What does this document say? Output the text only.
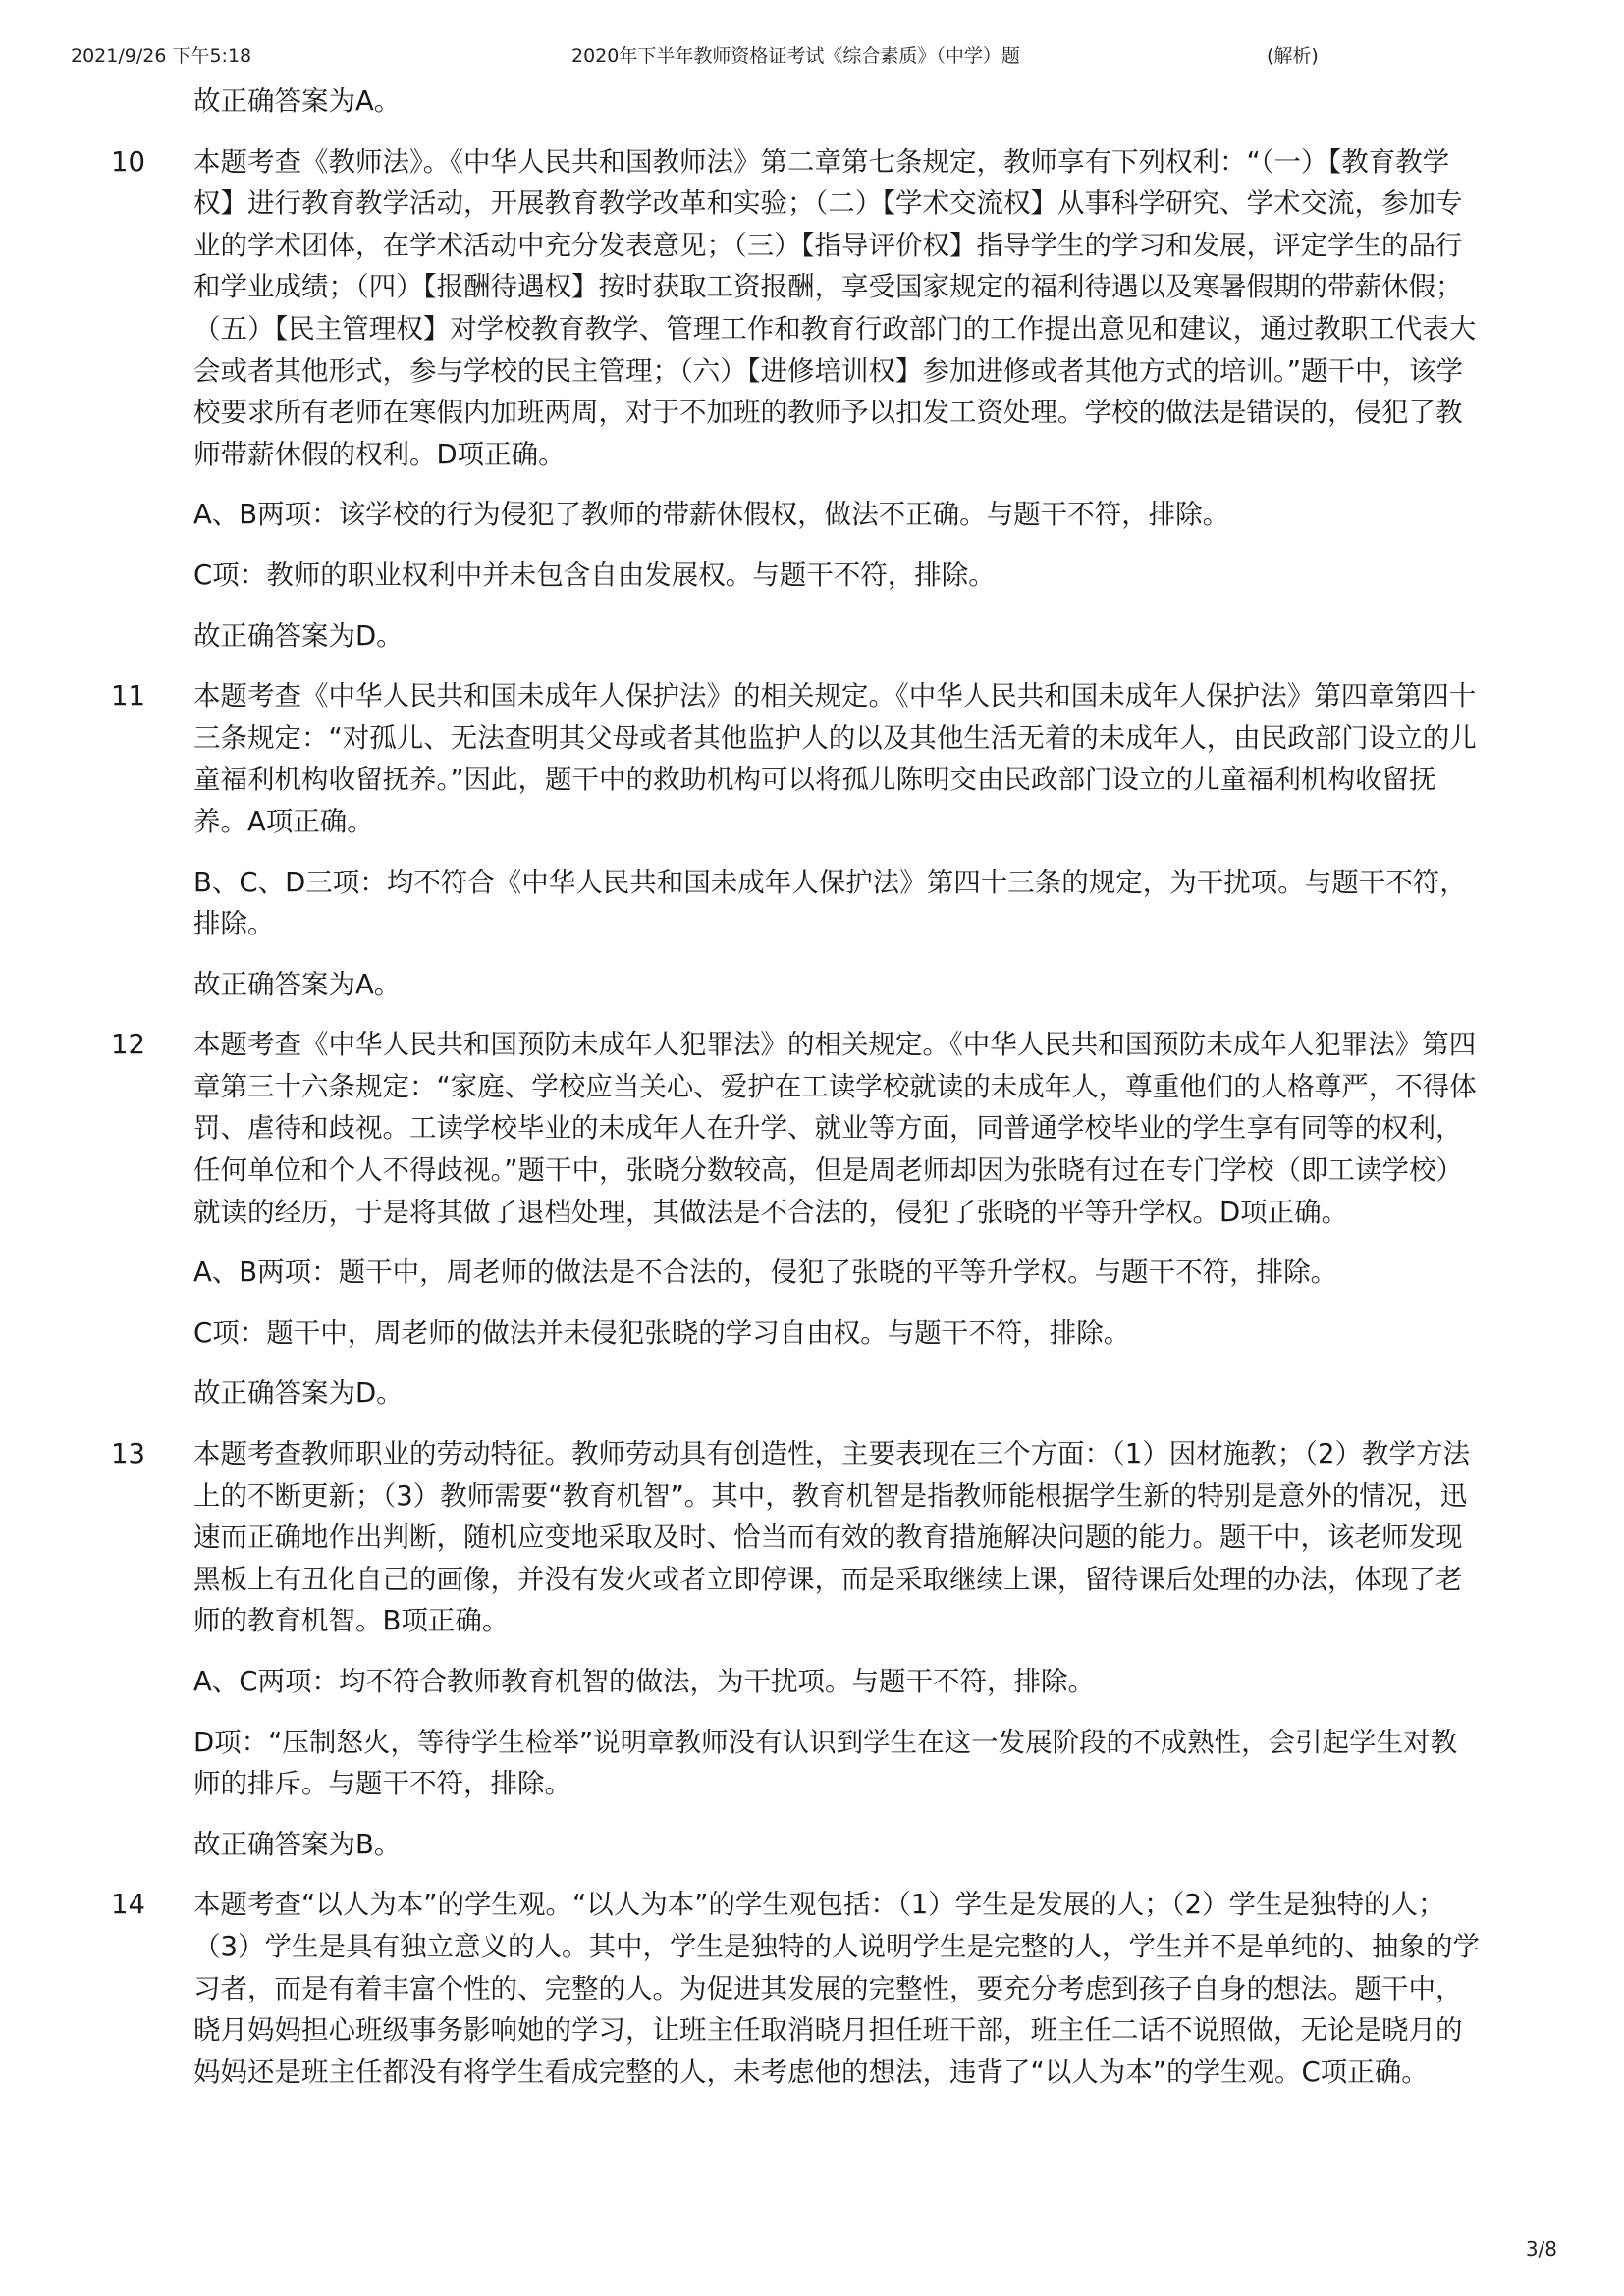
2021/9/26 下午5:18	2020年下半年教师资格证考试《综合素质》（中学）题	(解析)
故正确答案为A。
10 本题考查《教师法》。《中华人民共和国教师法》第二章第七条规定，教师享有下列权利：“（一）【教育教学权】进行教育教学活动，开展教育教学改革和实验；（二）【学术交流权】从事科学研究、学术交流，参加专业的学术团体，在学术活动中充分发表意见；（三）【指导评价权】指导学生的学习和发展，评定学生的品行和学业成绩；（四）【报酬待遇权】按时获取工资报酬，享受国家规定的福利待遇以及寒暑假期的带薪休假；（五）【民主管理权】对学校教育教学、管理工作和教育行政部门的工作提出意见和建议，通过教职工代表大会或者其他形式，参与学校的民主管理；（六）【进修培训权】参加进修或者其他方式的培训。”题干中，该学校要求所有老师在寒假内加班两周，对于不加班的教师予以扣发工资处理。学校的做法是错误的，侵犯了教师带薪休假的权利。D项正确。
A、B两项：该学校的行为侵犯了教师的带薪休假权，做法不正确。与题干不符，排除。
C项：教师的职业权利中并未包含自由发展权。与题干不符，排除。
故正确答案为D。
11 本题考查《中华人民共和国未成年人保护法》的相关规定。《中华人民共和国未成年人保护法》第四章第四十三条规定：“对孤儿、无法查明其父母或者其他监护人的以及其他生活无着的未成年人，由民政部门设立的儿童福利机构收留抚养。”因此，题干中的救助机构可以将孤儿陈明交由民政部门设立的儿童福利机构收留抚养。A项正确。
B、C、D三项：均不符合《中华人民共和国未成年人保护法》第四十三条的规定，为干扰项。与题干不符，排除。
故正确答案为A。
12 本题考查《中华人民共和国预防未成年人犯罪法》的相关规定。《中华人民共和国预防未成年人犯罪法》第四章第三十六条规定：“家庭、学校应当关心、爱护在工读学校就读的未成年人，尊重他们的人格尊严，不得体罚、虐待和歧视。工读学校毕业的未成年人在升学、就业等方面，同普通学校毕业的学生享有同等的权利，任何单位和个人不得歧视。”题干中，张晓分数较高，但是周老师却因为张晓有过在专门学校（即工读学校）就读的经历，于是将其做了退档处理，其做法是不合法的，侵犯了张晓的平等升学权。D项正确。
A、B两项：题干中，周老师的做法是不合法的，侵犯了张晓的平等升学权。与题干不符，排除。
C项：题干中，周老师的做法并未侵犯张晓的学习自由权。与题干不符，排除。
故正确答案为D。
13 本题考查教师职业的劳动特征。教师劳动具有创造性，主要表现在三个方面：（1）因材施教；（2）教学方法上的不断更新；（3）教师需要“教育机智”。其中，教育机智是指教师能根据学生新的特别是意外的情况，迅速而正确地作出判断，随机应变地采取及时、恰当而有效的教育措施解决问题的能力。题干中，该老师发现黑板上有丑化自己的画像，并没有发火或者立即停课，而是采取继续上课，留待课后处理的办法，体现了老师的教育机智。B项正确。
A、C两项：均不符合教师教育机智的做法，为干扰项。与题干不符，排除。
D项：“压制怒火，等待学生检举”说明章教师没有认识到学生在这一发展阶段的不成熟性，会引起学生对教师的排斥。与题干不符，排除。
故正确答案为B。
14 本题考查“以人为本”的学生观。“以人为本”的学生观包括：（1）学生是发展的人；（2）学生是独特的人；（3）学生是具有独立意义的人。其中，学生是独特的人说明学生是完整的人，学生并不是单纯的、抽象的学习者，而是有着丰富个性的、完整的人。为促进其发展的完整性，要充分考虑到孩子自身的想法。题干中，晓月妈妈担心班级事务影响她的学习，让班主任取消晓月担任班干部，班主任二话不说照做，无论是晓月的妈妈还是班主任都没有将学生看成完整的人，未考虑他的想法，违背了“以人为本”的学生观。C项正确。
3/8
